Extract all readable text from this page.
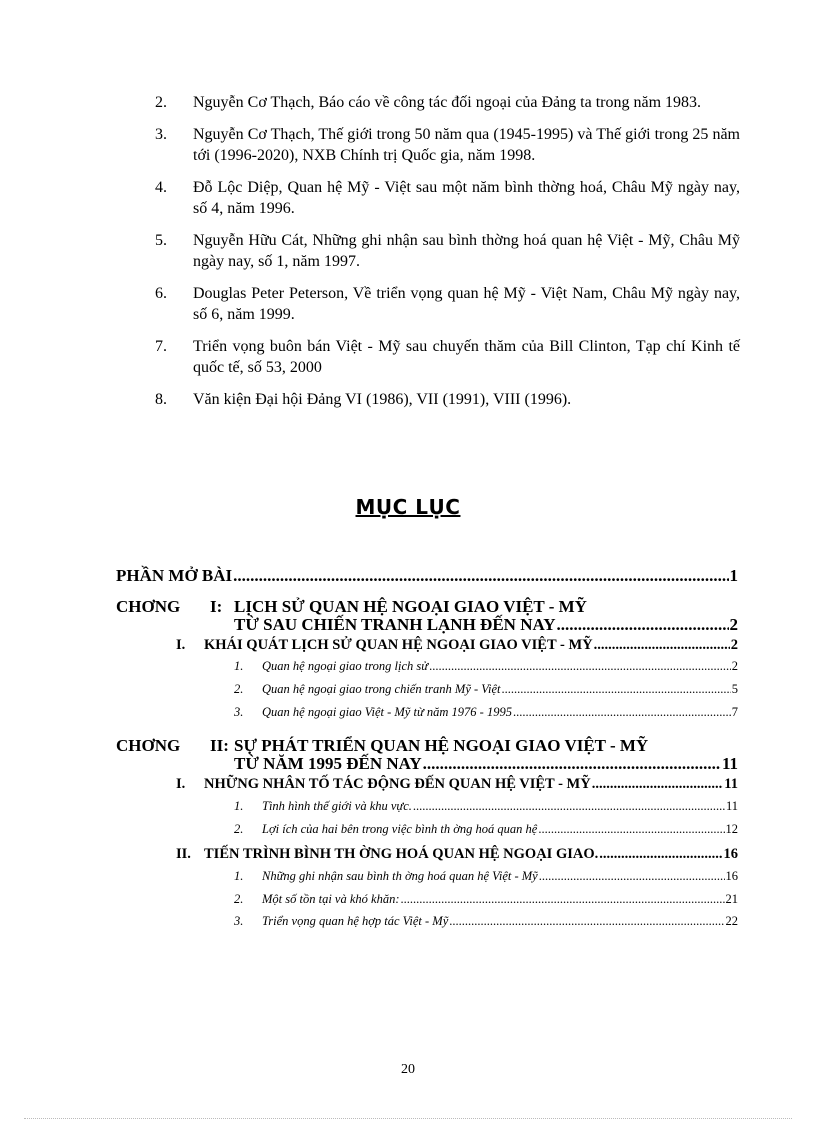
2. Nguyễn Cơ Thạch, Báo cáo về công tác đối ngoại của Đảng ta trong năm 1983.
3. Nguyễn Cơ Thạch, Thế giới trong 50 năm qua (1945-1995) và Thế giới trong 25 năm tới (1996-2020), NXB Chính trị Quốc gia, năm 1998.
4. Đỗ Lộc Diệp, Quan hệ Mỹ - Việt sau một năm bình thờng hoá, Châu Mỹ ngày nay, số 4, năm 1996.
5. Nguyễn Hữu Cát, Những ghi nhận sau bình thờng hoá quan hệ Việt - Mỹ, Châu Mỹ ngày nay, số 1, năm 1997.
6. Douglas Peter Peterson, Về triển vọng quan hệ Mỹ - Việt Nam, Châu Mỹ ngày nay, số 6, năm 1999.
7. Triển vọng buôn bán Việt - Mỹ sau chuyến thăm của Bill Clinton, Tạp chí Kinh tế quốc tế, số 53, 2000
8. Văn kiện Đại hội Đảng VI (1986), VII (1991), VIII (1996).
MỤC LỤC
PHẦN MỞ BÀI .....	1
CHƠNG I: LỊCH SỬ QUAN HỆ NGOẠI GIAO VIỆT - MỸ
TỪ SAU CHIẾN TRANH LẠNH ĐẾN NAY .....	2
I.	KHÁI QUÁT LỊCH SỬ QUAN HỆ NGOẠI GIAO VIỆT - MỸ .....	2
1.	Quan hệ ngoại giao trong lịch sử .....	2
2.	Quan hệ ngoại giao trong chiến tranh Mỹ - Việt .....	5
3.	Quan hệ ngoại giao Việt - Mỹ từ năm 1976 - 1995 .....	7
CHƠNG II: SỰ PHÁT TRIỂN QUAN HỆ NGOẠI GIAO VIỆT - MỸ
TỪ NĂM 1995 ĐẾN NAY .....	11
I.	NHỮNG NHÂN TỐ TÁC ĐỘNG ĐẾN QUAN HỆ VIỆT - MỸ .....	11
1.	Tình hình thế giới và khu vực. .....	11
2.	Lợi ích của hai bên trong việc bình th ờng hoá quan hệ .....	12
II. TIẾN TRÌNH BÌNH TH ỜNG HOÁ QUAN HỆ NGOẠI GIAO. .....	16
1.	Những ghi nhận sau bình th ờng hoá quan hệ Việt - Mỹ .....	16
2.	Một số tồn tại và khó khăn: .....	21
3.	Triển vọng quan hệ hợp tác Việt - Mỹ .....	22
20
